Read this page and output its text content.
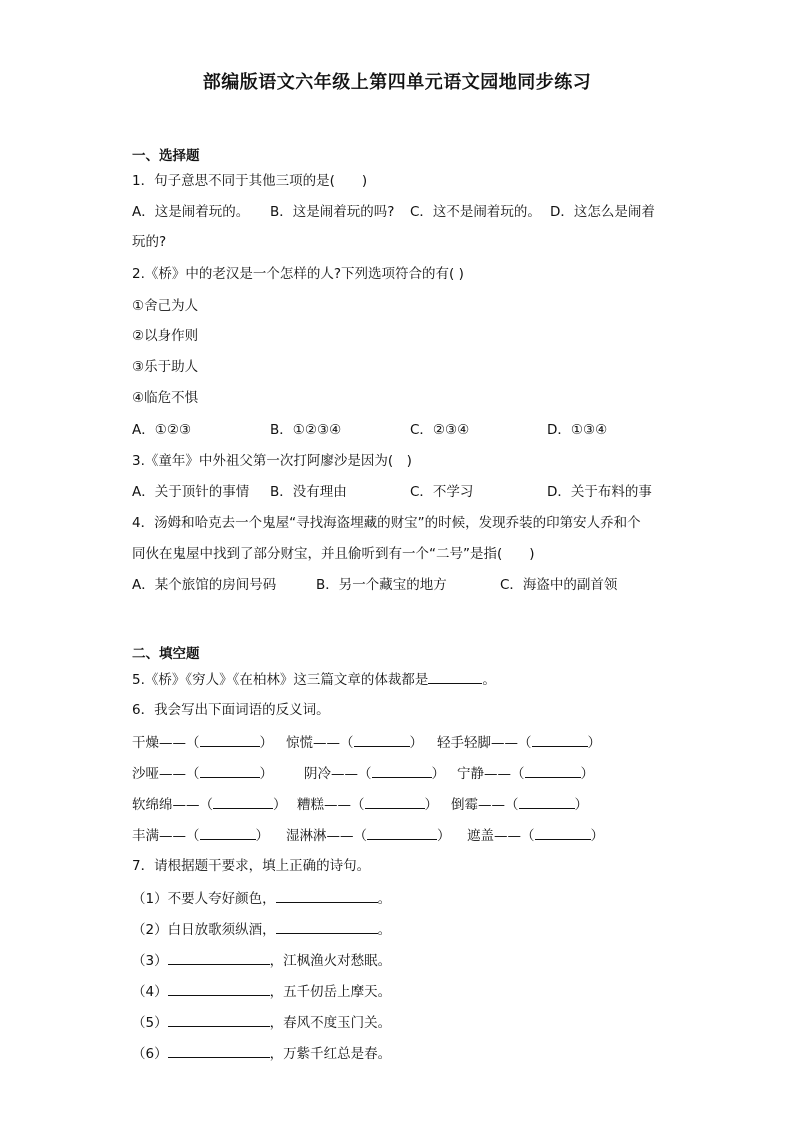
部编版语文六年级上第四单元语文园地同步练习
一、选择题
1．句子意思不同于其他三项的是(　　)
A．这是闹着玩的。 B．这是闹着玩的吗? C．这不是闹着玩的。 D．这怎么是闹着
玩的?
2.《桥》中的老汉是一个怎样的人?下列选项符合的有( )
①舍己为人
②以身作则
③乐于助人
④临危不惧
A．①②③	B．①②③④	C．②③④	D．①③④
3.《童年》中外祖父第一次打阿廖沙是因为(　)
A．关于顶针的事情 B．没有理由	C．不学习	D．关于布料的事
4．汤姆和哈克去一个鬼屋“寻找海盗埋藏的财宝”的时候，发现乔装的印第安人乔和个
同伙在鬼屋中找到了部分财宝，并且偷听到有一个“二号”是指(　　)
A．某个旅馆的房间号码	B．另一个藏宝的地方	C．海盗中的副首领
二、填空题
5.《桥》《穷人》《在柏林》这三篇文章的体裁都是	。
6．我会写出下面词语的反义词。
干燥——（	） 惊慌——（	） 轻手轻脚——（	）
沙哑——（	） 阴冷——（	） 宁静——（	）
软绵绵——（	） 糟糕——（	） 倒霉——（	）
丰满——（	） 湿淋淋——（	） 遮盖——（	）
7．请根据题干要求，填上正确的诗句。
（1）不要人夸好颜色，	。
（2）白日放歌须纵酒，	。
（3）	，江枫渔火对愁眠。
（4）	，五千仞岳上摩天。
（5）	，春风不度玉门关。
（6）	，万紫千红总是春。
